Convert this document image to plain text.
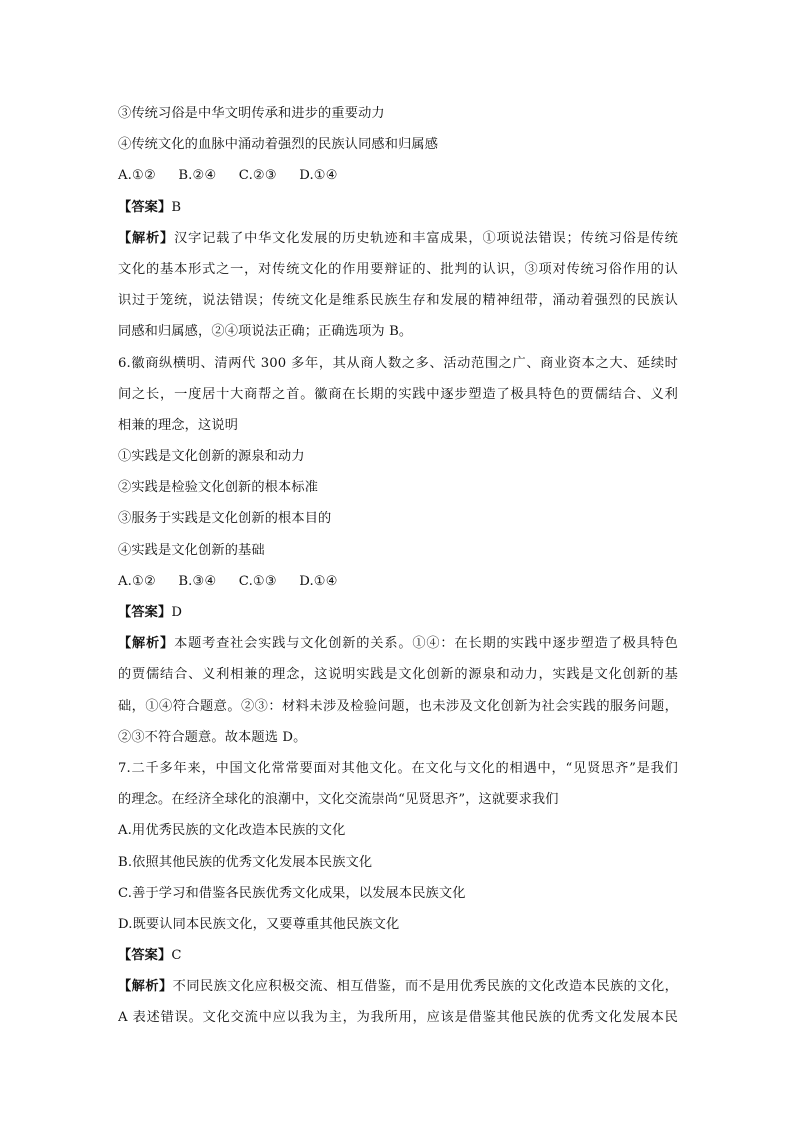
③传统习俗是中华文明传承和进步的重要动力
④传统文化的血脉中涌动着强烈的民族认同感和归属感
A.①② B.②④ C.②③ D.①④
【答案】B
【解析】汉字记载了中华文化发展的历史轨迹和丰富成果，①项说法错误；传统习俗是传统
文化的基本形式之一，对传统文化的作用要辩证的、批判的认识，③项对传统习俗作用的认
识过于笼统，说法错误；传统文化是维系民族生存和发展的精神纽带，涌动着强烈的民族认
同感和归属感，②④项说法正确；正确选项为 B。
6.徽商纵横明、清两代 300 多年，其从商人数之多、活动范围之广、商业资本之大、延续时
间之长，一度居十大商帮之首。徽商在长期的实践中逐步塑造了极具特色的贾儒结合、义利
相兼的理念，这说明
①实践是文化创新的源泉和动力
②实践是检验文化创新的根本标准
③服务于实践是文化创新的根本目的
④实践是文化创新的基础
A.①② B.③④ C.①③ D.①④
【答案】D
【解析】本题考查社会实践与文化创新的关系。①④：在长期的实践中逐步塑造了极具特色
的贾儒结合、义利相兼的理念，这说明实践是文化创新的源泉和动力，实践是文化创新的基
础，①④符合题意。②③：材料未涉及检验问题，也未涉及文化创新为社会实践的服务问题，
②③不符合题意。故本题选 D。
7.二千多年来，中国文化常常要面对其他文化。在文化与文化的相遇中，“见贤思齐”是我们
的理念。在经济全球化的浪潮中，文化交流崇尚“见贤思齐”，这就要求我们
A.用优秀民族的文化改造本民族的文化
B.依照其他民族的优秀文化发展本民族文化
C.善于学习和借鉴各民族优秀文化成果，以发展本民族文化
D.既要认同本民族文化，又要尊重其他民族文化
【答案】C
【解析】不同民族文化应积极交流、相互借鉴，而不是用优秀民族的文化改造本民族的文化，
A 表述错误。文化交流中应以我为主，为我所用，应该是借鉴其他民族的优秀文化发展本民
